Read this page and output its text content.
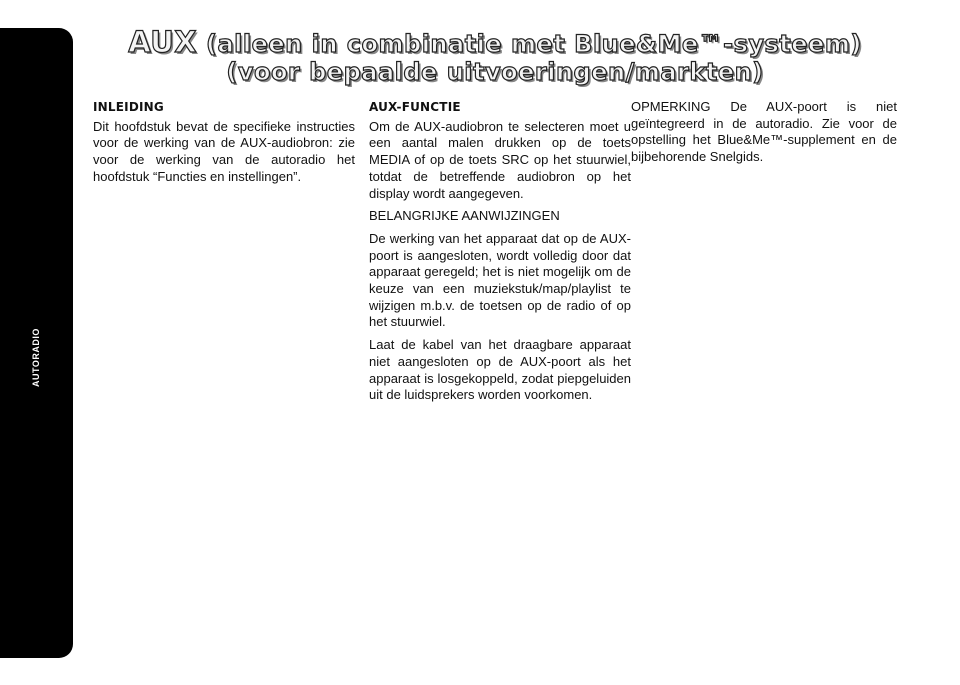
AUTORADIO
276
AUX (alleen in combinatie met Blue&Me™-systeem)
(voor bepaalde uitvoeringen/markten)
INLEIDING

Dit hoofdstuk bevat de specifieke instructies voor de werking van de AUX-audiobron: zie voor de werking van de autoradio het hoofdstuk “Functies en instellingen”.

AUX-FUNCTIE

Om de AUX-audiobron te selecteren moet u een aantal malen drukken op de toets MEDIA of op de toets SRC op het stuurwiel, totdat de betreffende audiobron op het display wordt aangegeven.

BELANGRIJKE AANWIJZINGEN

De werking van het apparaat dat op de AUX-poort is aangesloten, wordt volledig door dat apparaat geregeld; het is niet mogelijk om de keuze van een muziekstuk/map/playlist te wijzigen m.b.v. de toetsen op de radio of op het stuurwiel.

Laat de kabel van het draagbare apparaat niet aangesloten op de AUX-poort als het apparaat is losgekoppeld, zodat piepgeluiden uit de luidsprekers worden voorkomen.

OPMERKING De AUX-poort is niet geïntegreerd in de autoradio. Zie voor de opstelling het Blue&Me™-supplement en de bijbehorende Snelgids.
